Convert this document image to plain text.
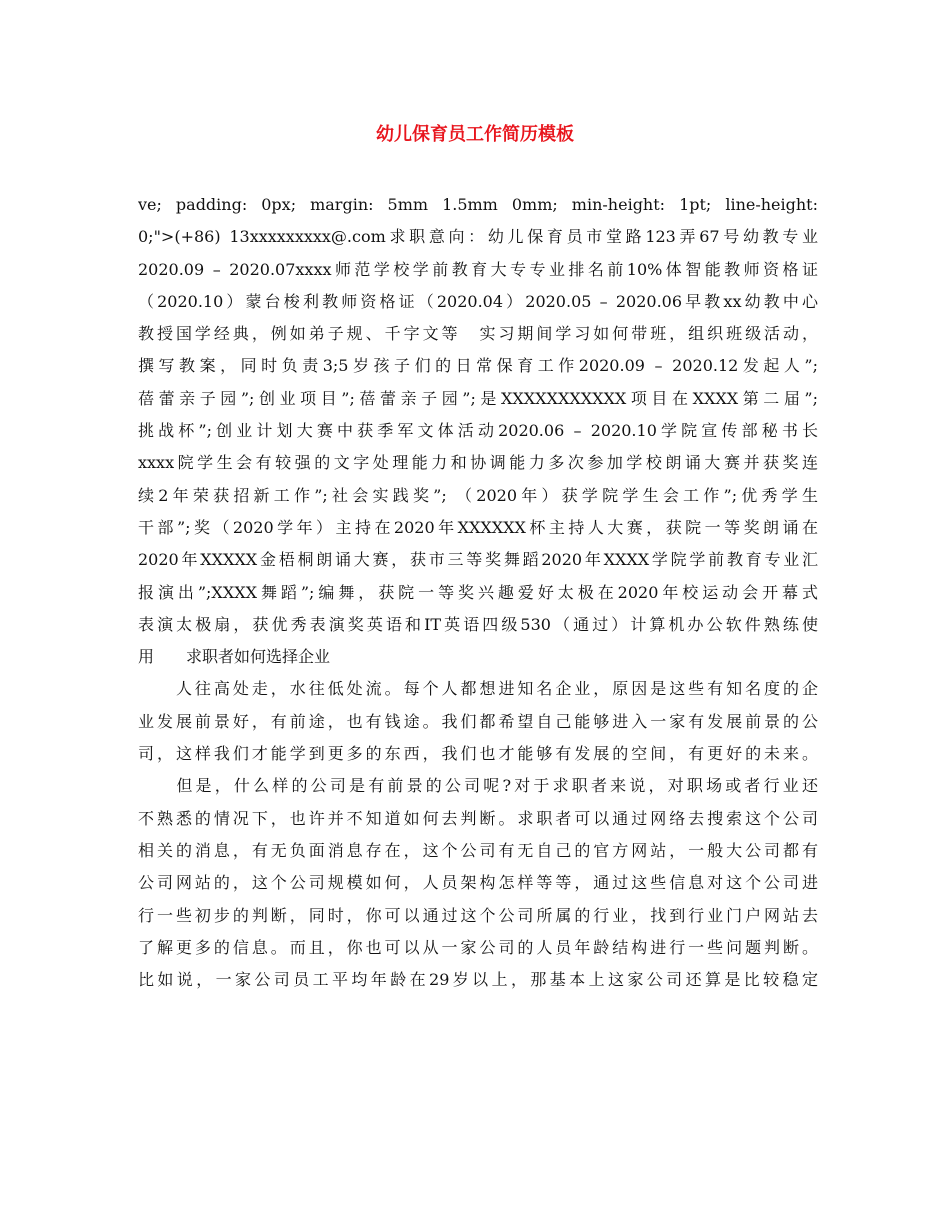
幼儿保育员工作简历模板
ve; padding: 0px; margin: 5mm 1.5mm 0mm; min-height: 1pt; line-height:
0;">(+86) 13xxxxxxxxx@.com求职意向：幼儿保育员市堂路123弄67号幼教专业
2020.09 – 2020.07xxxx师范学校学前教育大专专业排名前10%体智能教师资格证
（2020.10）蒙台梭利教师资格证（2020.04）2020.05 – 2020.06早教xx幼教中心
教授国学经典，例如弟子规、千字文等　实习期间学习如何带班，组织班级活动，
撰写教案，同时负责3;5岁孩子们的日常保育工作2020.09 – 2020.12发起人”;
蓓蕾亲子园”;创业项目”;蓓蕾亲子园”;是XXXXXXXXXXX项目在XXXX第二届”;
挑战杯”;创业计划大赛中获季军文体活动2020.06 – 2020.10学院宣传部秘书长
xxxx院学生会有较强的文字处理能力和协调能力多次参加学校朗诵大赛并获奖连
续2年荣获招新工作”;社会实践奖”; （2020年）获学院学生会工作”;优秀学生
干部”;奖（2020学年）主持在2020年XXXXXX杯主持人大赛，获院一等奖朗诵在
2020年XXXXX金梧桐朗诵大赛，获市三等奖舞蹈2020年XXXX学院学前教育专业汇
报演出”;XXXX舞蹈”;编舞，获院一等奖兴趣爱好太极在2020年校运动会开幕式
表演太极扇，获优秀表演奖英语和IT英语四级530（通过）计算机办公软件熟练使
用　　求职者如何选择企业
　　人往高处走，水往低处流。每个人都想进知名企业，原因是这些有知名度的企
业发展前景好，有前途，也有钱途。我们都希望自己能够进入一家有发展前景的公
司，这样我们才能学到更多的东西，我们也才能够有发展的空间，有更好的未来。
　　但是，什么样的公司是有前景的公司呢?对于求职者来说，对职场或者行业还
不熟悉的情况下，也许并不知道如何去判断。求职者可以通过网络去搜索这个公司
相关的消息，有无负面消息存在，这个公司有无自己的官方网站，一般大公司都有
公司网站的，这个公司规模如何，人员架构怎样等等，通过这些信息对这个公司进
行一些初步的判断，同时，你可以通过这个公司所属的行业，找到行业门户网站去
了解更多的信息。而且，你也可以从一家公司的人员年龄结构进行一些问题判断。
比如说，一家公司员工平均年龄在29岁以上，那基本上这家公司还算是比较稳定
